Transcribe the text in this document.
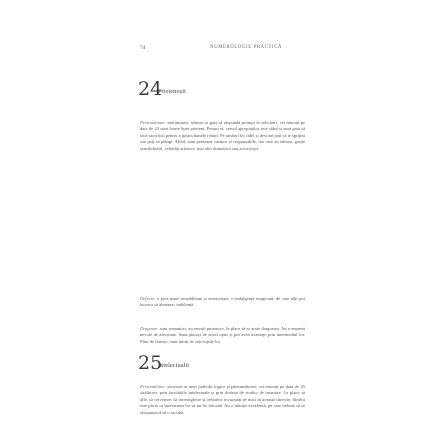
74	NUMEROLOGIE PRACTICĂ
24
Prietenoșii

Personalitate: mărinimoși, săritori și gata să răspundă prompt la solicitări, cei născuți pe data de 24 sunt foarte buni prieteni. Pentru ei, cercul apropiaților este sfânt și sunt gata să facă sacrificii pentru a păstra bunele relații. Pe umărul lor fidel și devotat poți să te sprijini sau poți să plângi. Altfel, sunt persoane casnice și responsabile, dar care au adesea, grație sensibilității, veleități artistice, mai ales dramatice sau actoricești.

Defecte: o prea mare sensibilitate și emotivitate, o indulgență exagerată, de care alții pot încerca să abuzeze; indolență.

Dragoste: sunt romantici, au emoții puternice, le place să-și arate dragostea. Au o enormă nevoie de afecțiune. Sunt plăcuți de sexul opus și pot avea avantaje prin intermediul lor. Plini de farmec, sunt iubiți de soți/soțiile lor.

25
Intelectualii

Personalitate: posesori ai unei judecăți logice și pătrunzătoare, cei născuți pe data de 25 strălucesc prin facultățile intelectuale și prin dorința de studiu, de instruire. Le place să afle, să cerceteze, să investigheze și trebuiesc încurajați de mici în această direcție, fiindcă este păcat ca înzestrarea lor să nu fie folosită. Au o intuiție excelentă, pe care trebuie să se obișnuiască să o asculte.
